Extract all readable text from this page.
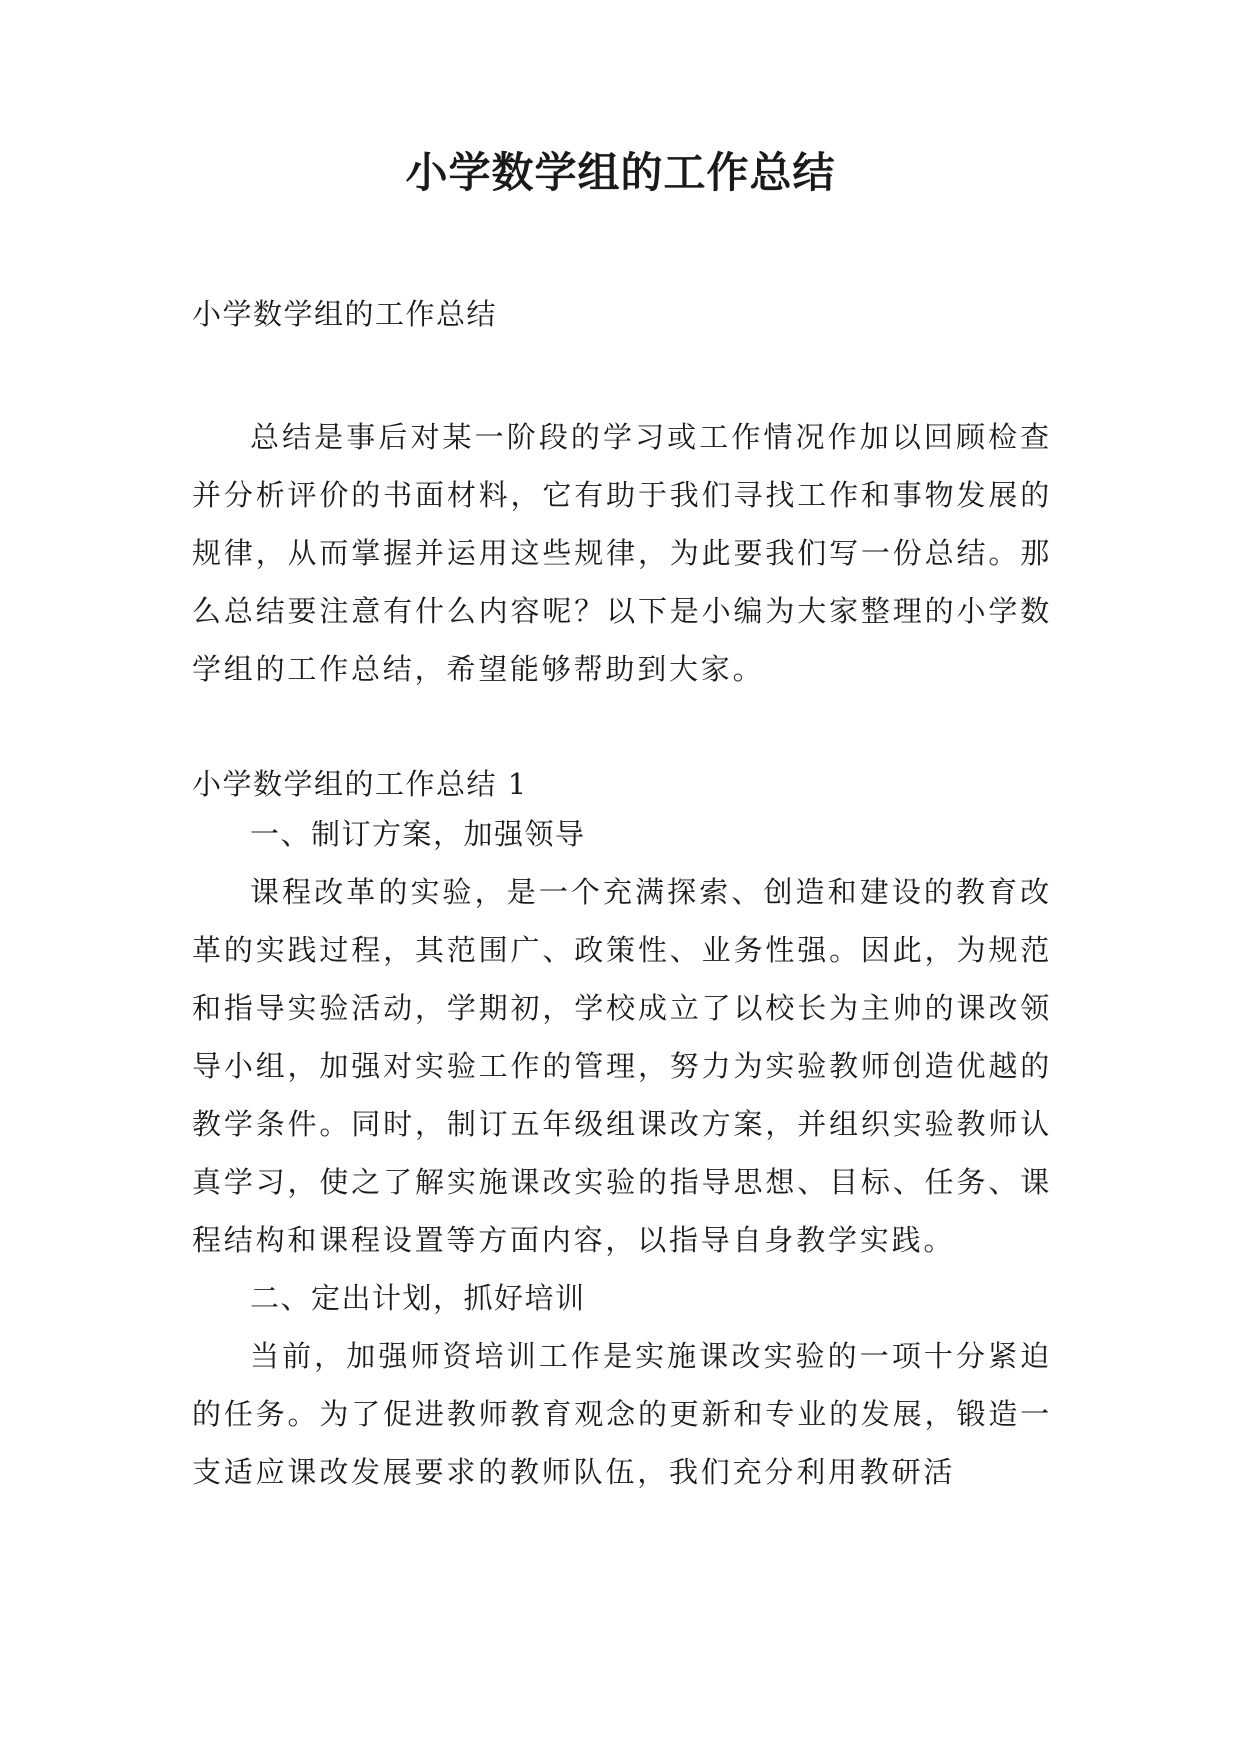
小学数学组的工作总结
小学数学组的工作总结

总结是事后对某一阶段的学习或工作情况作加以回顾检查并分析评价的书面材料，它有助于我们寻找工作和事物发展的规律，从而掌握并运用这些规律，为此要我们写一份总结。那么总结要注意有什么内容呢？以下是小编为大家整理的小学数学组的工作总结，希望能够帮助到大家。

小学数学组的工作总结 1

一、制订方案，加强领导

课程改革的实验，是一个充满探索、创造和建设的教育改革的实践过程，其范围广、政策性、业务性强。因此，为规范和指导实验活动，学期初，学校成立了以校长为主帅的课改领导小组，加强对实验工作的管理，努力为实验教师创造优越的教学条件。同时，制订五年级组课改方案，并组织实验教师认真学习，使之了解实施课改实验的指导思想、目标、任务、课程结构和课程设置等方面内容，以指导自身教学实践。

二、定出计划，抓好培训

当前，加强师资培训工作是实施课改实验的一项十分紧迫的任务。为了促进教师教育观念的更新和专业的发展，锻造一支适应课改发展要求的教师队伍，我们充分利用教研活
